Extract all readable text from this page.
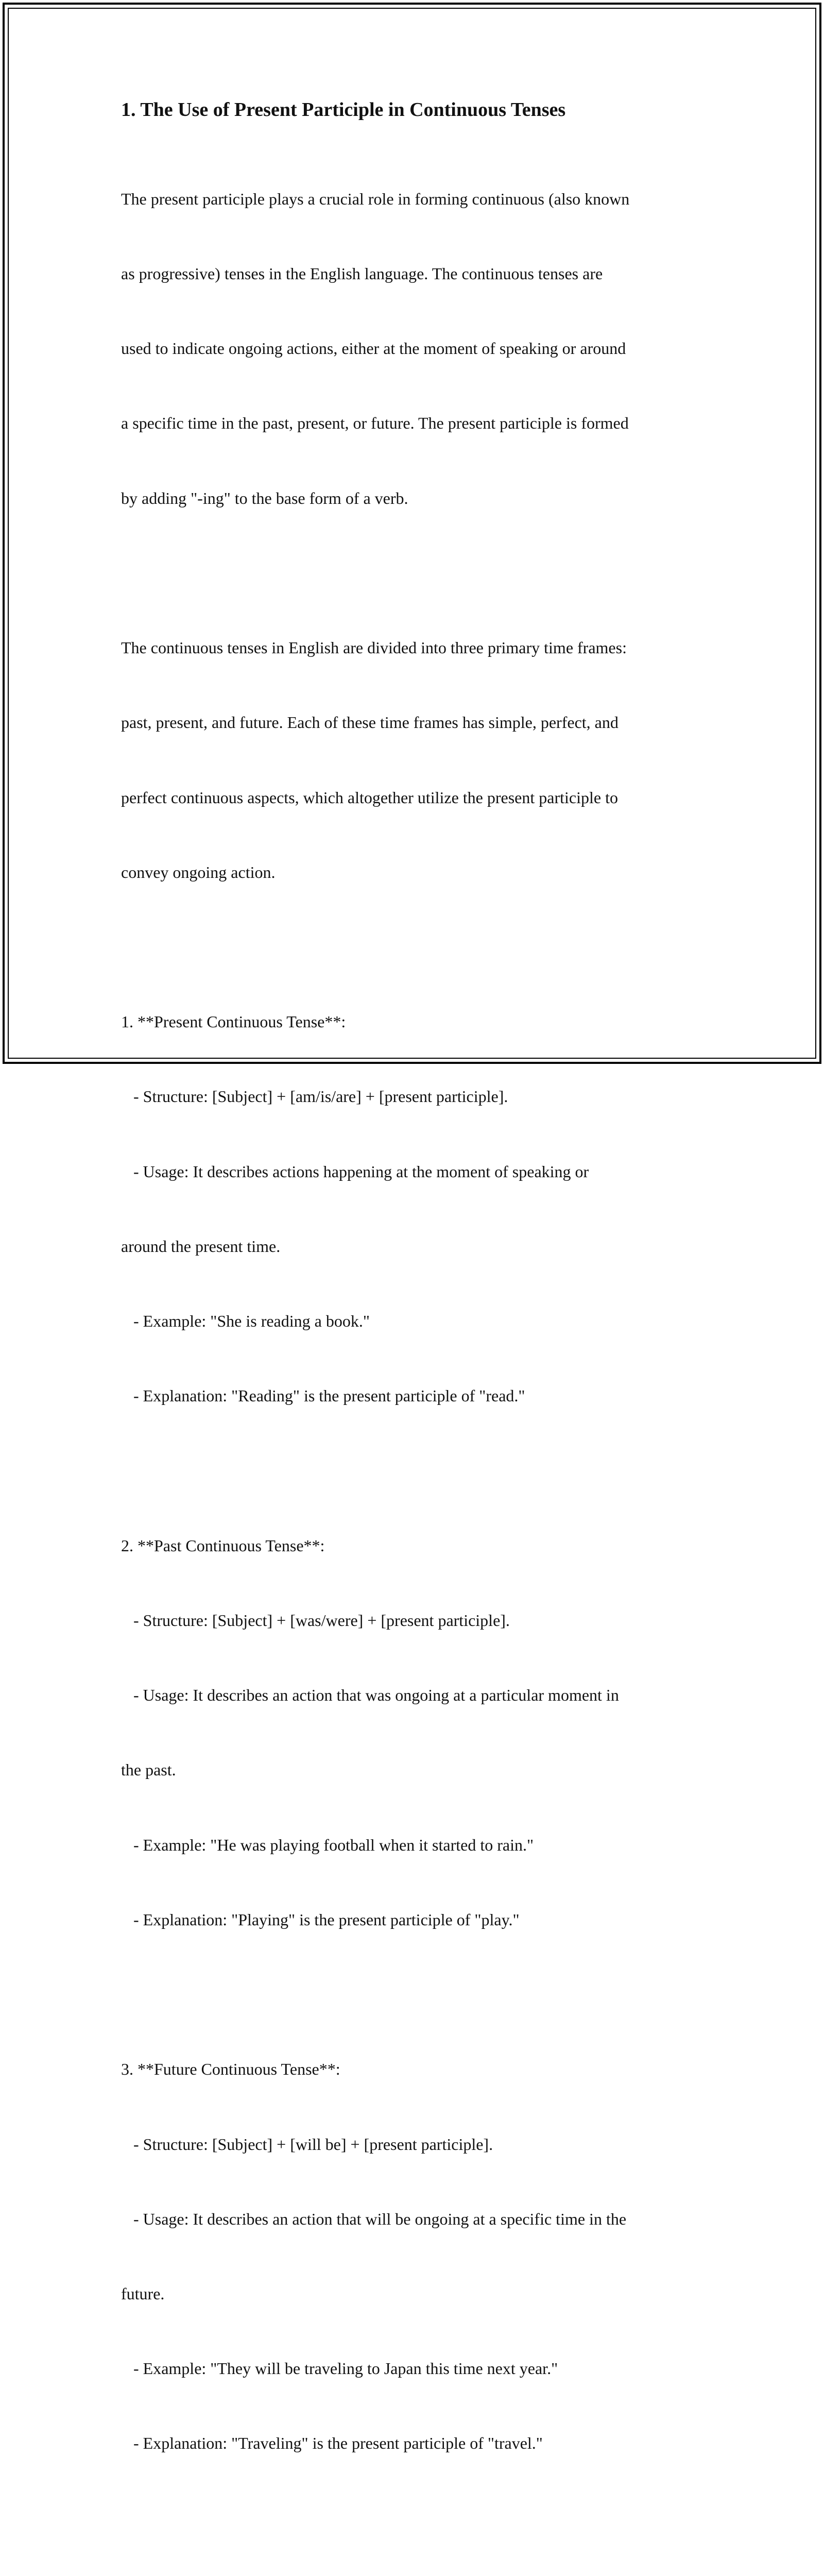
1. The Use of Present Participle in Continuous Tenses

The present participle plays a crucial role in forming continuous (also known

as progressive) tenses in the English language. The continuous tenses are

used to indicate ongoing actions, either at the moment of speaking or around

a specific time in the past, present, or future. The present participle is formed

by adding "-ing" to the base form of a verb.

The continuous tenses in English are divided into three primary time frames:

past, present, and future. Each of these time frames has simple, perfect, and

perfect continuous aspects, which altogether utilize the present participle to

convey ongoing action.

1. **Present Continuous Tense**:

- Structure: [Subject] + [am/is/are] + [present participle].

- Usage: It describes actions happening at the moment of speaking or

around the present time.

- Example: "She is reading a book."

- Explanation: "Reading" is the present participle of "read."

2. **Past Continuous Tense**:

- Structure: [Subject] + [was/were] + [present participle].

- Usage: It describes an action that was ongoing at a particular moment in

the past.

- Example: "He was playing football when it started to rain."

- Explanation: "Playing" is the present participle of "play."

3. **Future Continuous Tense**:

- Structure: [Subject] + [will be] + [present participle].

- Usage: It describes an action that will be ongoing at a specific time in the

future.

- Example: "They will be traveling to Japan this time next year."

- Explanation: "Traveling" is the present participle of "travel."
